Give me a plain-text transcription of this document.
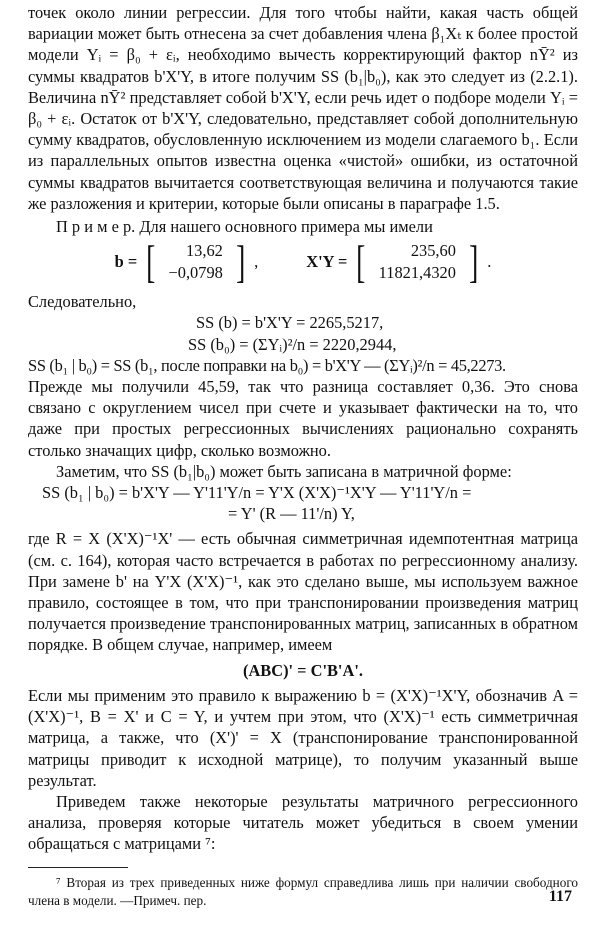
точек около линии регрессии. Для того чтобы найти, какая часть общей вариации может быть отнесена за счет добавления члена β₁Xₜ к более простой модели Yᵢ = β₀ + εᵢ, необходимо вычесть корректирующий фактор nȲ² из суммы квадратов b'X'Y, в итоге получим SS (b₁|b₀), как это следует из (2.2.1). Величина nȲ² представляет собой b'X'Y, если речь идет о подборе модели Yᵢ = β₀ + εᵢ. Остаток от b'X'Y, следовательно, представляет собой дополнительную сумму квадратов, обусловленную исключением из модели слагаемого b₁. Если из параллельных опытов известна оценка «чистой» ошибки, из остаточной суммы квадратов вычитается соответствующая величина и получаются такие же разложения и критерии, которые были описаны в параграфе 1.5.

П р и м е р. Для нашего основного примера мы имели

b = [ 13,62
−0,0798 ] ,	X'Y = [	235,60
11821,4320 ] .

Следовательно,

SS (b) = b'X'Y = 2265,5217,

SS (b₀) = (ΣYᵢ)²/n = 2220,2944,

SS (b₁ | b₀) = SS (b₁, после поправки на b₀) = b'X'Y — (ΣYᵢ)²/n = 45,2273.

Прежде мы получили 45,59, так что разница составляет 0,36. Это снова связано с округлением чисел при счете и указывает фактически на то, что даже при простых регрессионных вычислениях рационально сохранять столько значащих цифр, сколько возможно.

Заметим, что SS (b₁|b₀) может быть записана в матричной форме:

SS (b₁ | b₀) = b'X'Y — Y'11'Y/n = Y'X (X'X)⁻¹X'Y — Y'11'Y/n =

= Y' (R — 11'/n) Y,

где R = X (X'X)⁻¹X' — есть обычная симметричная идемпотентная матрица (см. с. 164), которая часто встречается в работах по регрессионному анализу. При замене b' на Y'X (X'X)⁻¹, как это сделано выше, мы используем важное правило, состоящее в том, что при транспонировании произведения матриц получается произведение транспонированных матриц, записанных в обратном порядке. В общем случае, например, имеем

(ABC)' = C'B'A'.

Если мы применим это правило к выражению b = (X'X)⁻¹X'Y, обозначив A = (X'X)⁻¹, B = X' и C = Y, и учтем при этом, что (X'X)⁻¹ есть симметричная матрица, а также, что (X')' = X (транспонирование транспонированной матрицы приводит к исходной матрице), то получим указанный выше результат.

Приведем также некоторые результаты матричного регрессионного анализа, проверяя которые читатель может убедиться в своем умении обращаться с матрицами ⁷:

⁷ Вторая из трех приведенных ниже формул справедлива лишь при наличии свободного члена в модели. —Примеч. пер.	117
